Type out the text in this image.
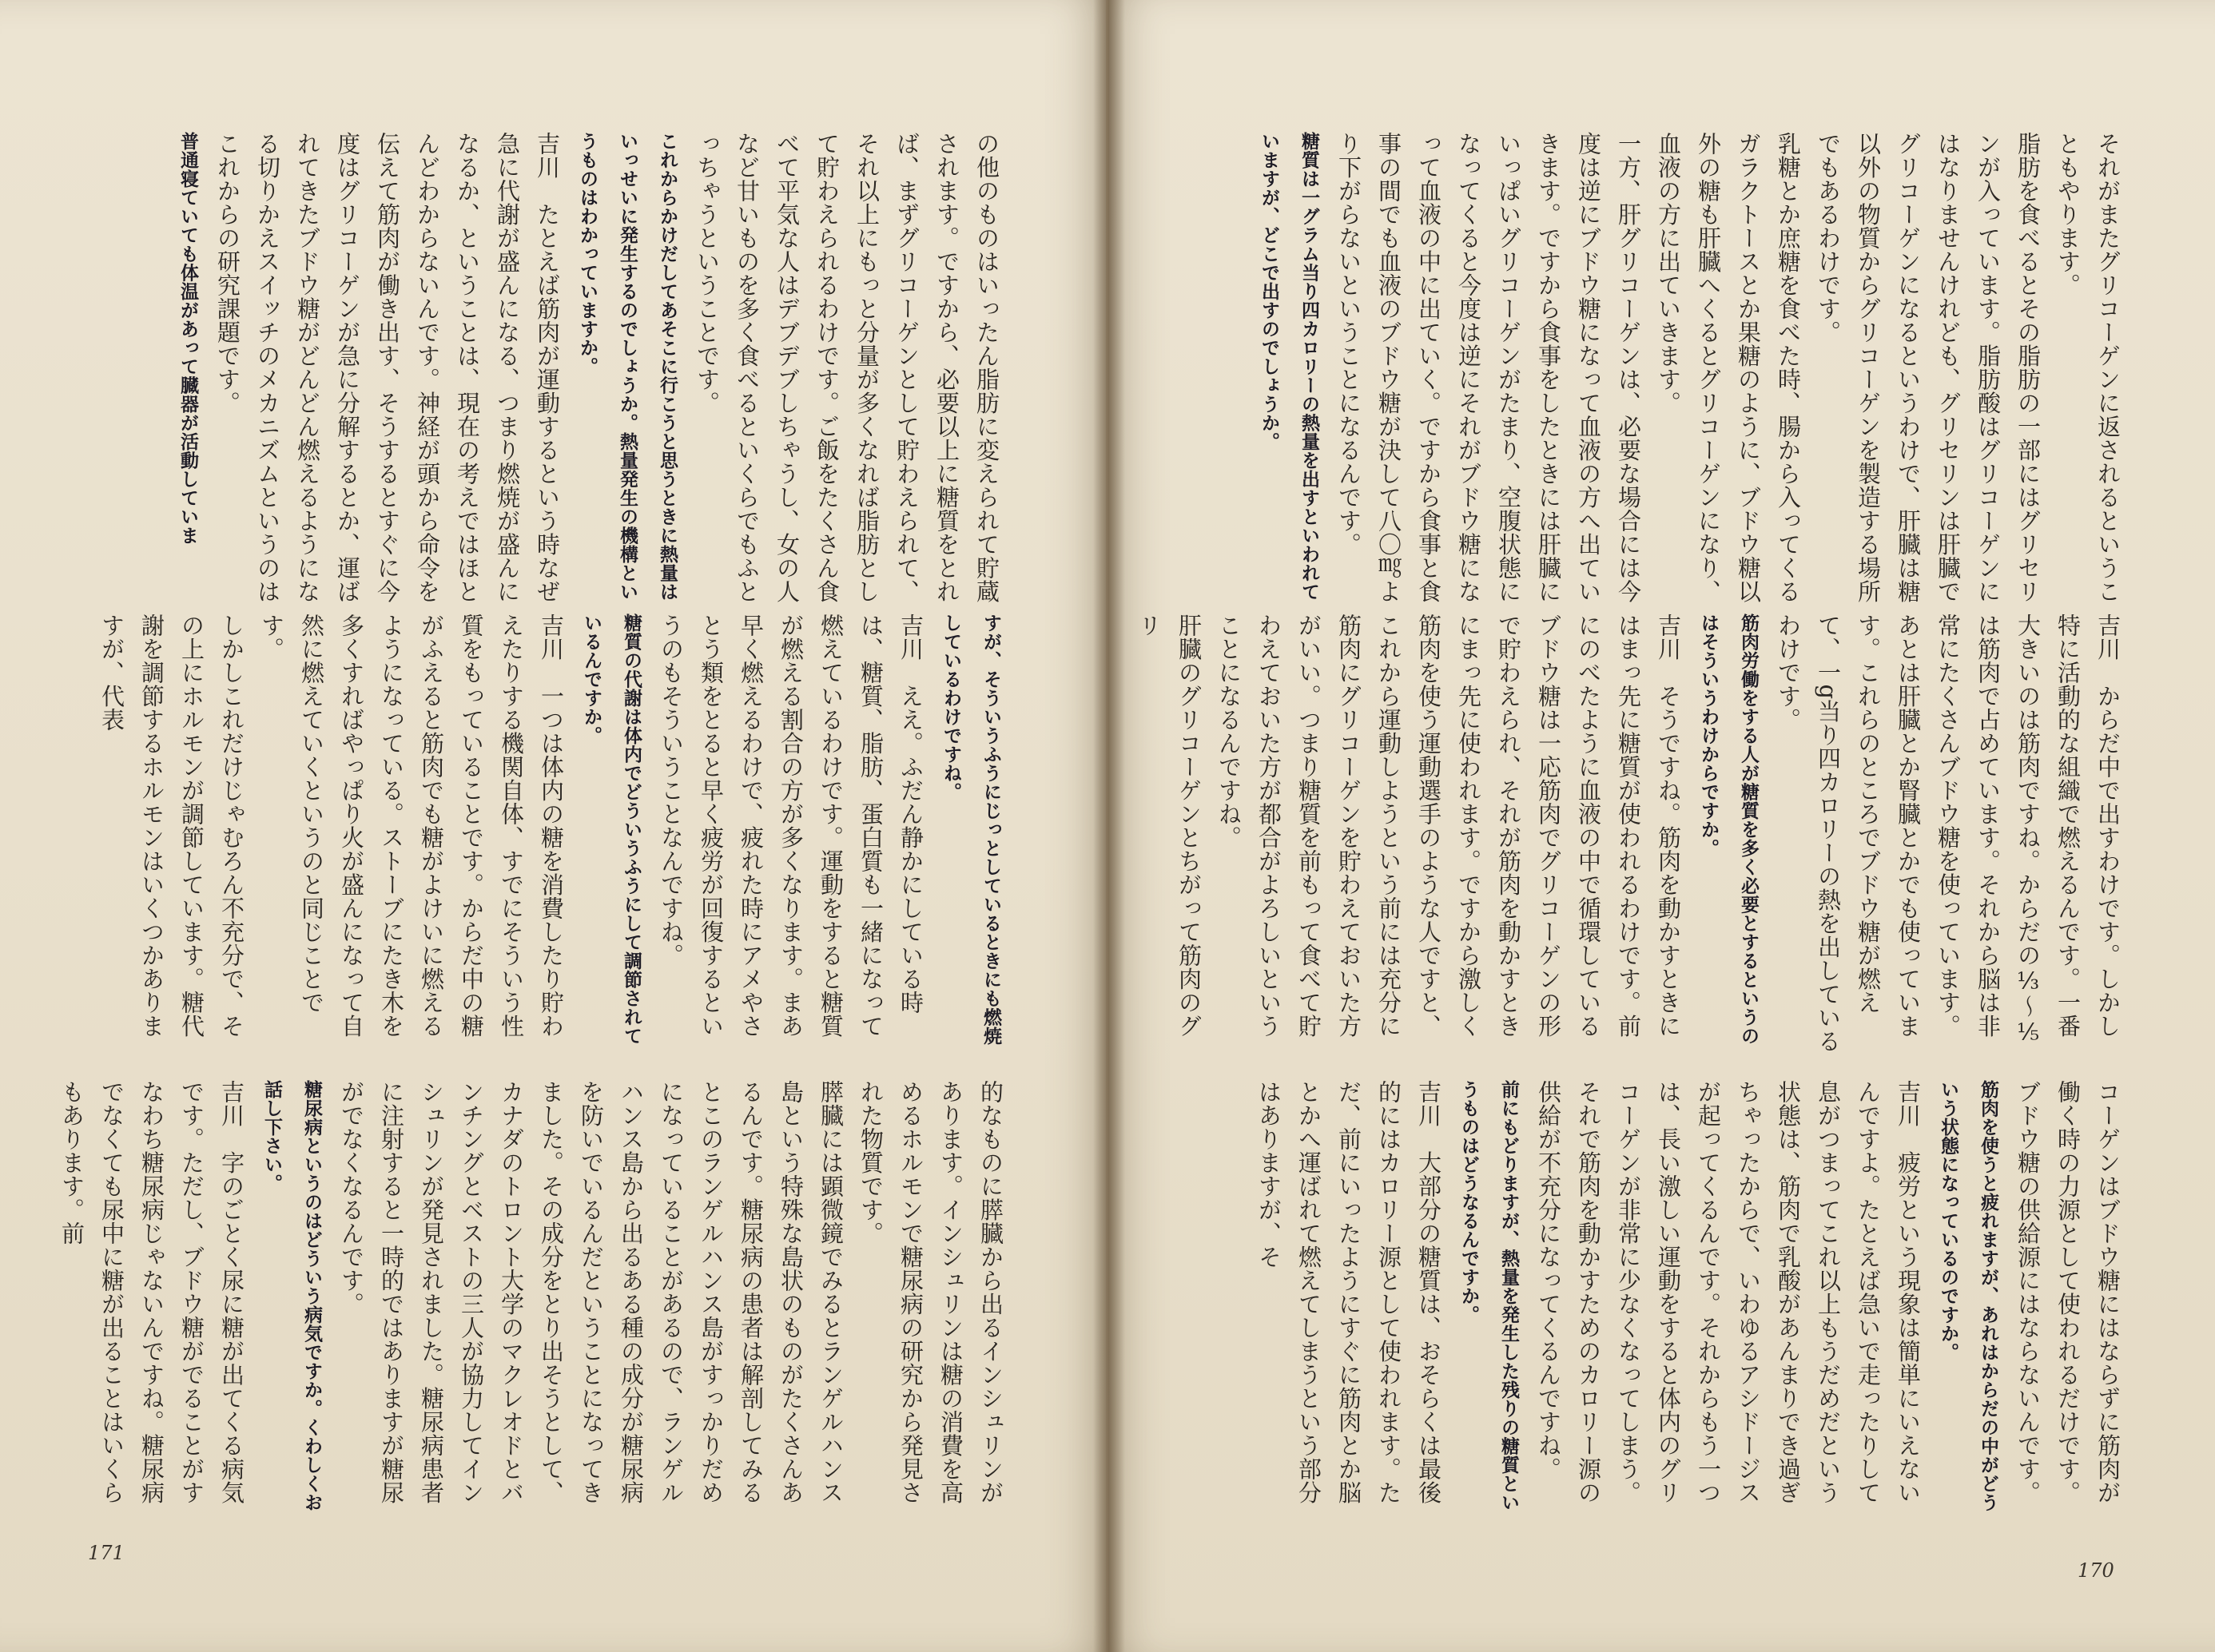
の他のものはいったん脂肪に変えられて貯蔵されます。ですから、必要以上に糖質をとれば、まずグリコーゲンとして貯わえられて、それ以上にもっと分量が多くなれば脂肪として貯わえられるわけです。ご飯をたくさん食べて平気な人はデブデブしちゃうし、女の人など甘いものを多く食べるといくらでもふとっちゃうということです。

これからかけだしてあそこに行こうと思うときに熱量はいっせいに発生するのでしょうか。熱量発生の機構というものはわかっていますか。

吉川　たとえば筋肉が運動するという時なぜ急に代謝が盛んになる、つまり燃焼が盛んになるか、ということは、現在の考えではほとんどわからないんです。神経が頭から命令を伝えて筋肉が働き出す、そうするとすぐに今度はグリコーゲンが急に分解するとか、運ばれてきたブドウ糖がどんどん燃えるようになる切りかえスイッチのメカニズムというのはこれからの研究課題です。

普通寝ていても体温があって臓器が活動していま

すが、そういうふうにじっとしているときにも燃焼しているわけですね。

吉川　ええ。ふだん静かにしている時は、糖質、脂肪、蛋白質も一緒になって燃えているわけです。運動をすると糖質が燃える割合の方が多くなります。まあ早く燃えるわけで、疲れた時にアメやさとう類をとると早く疲労が回復するというのもそういうことなんですね。

糖質の代謝は体内でどういうふうにして調節されているんですか。

吉川　一つは体内の糖を消費したり貯わえたりする機関自体、すでにそういう性質をもっていることです。からだ中の糖がふえると筋肉でも糖がよけいに燃えるようになっている。ストーブにたき木を多くすればやっぱり火が盛んになって自然に燃えていくというのと同じことです。

しかしこれだけじゃむろん不充分で、その上にホルモンが調節しています。糖代謝を調節するホルモンはいくつかありますが、代表

的なものに膵臓から出るインシュリンがあります。インシュリンは糖の消費を高めるホルモンで糖尿病の研究から発見された物質です。

膵臓には顕微鏡でみるとランゲルハンス島という特殊な島状のものがたくさんあるんです。糖尿病の患者は解剖してみるとこのランゲルハンス島がすっかりだめになっていることがあるので、ランゲルハンス島から出るある種の成分が糖尿病を防いでいるんだということになってきました。その成分をとり出そうとして、カナダのトロント大学のマクレオドとバンチングとベストの三人が協力してインシュリンが発見されました。糖尿病患者に注射すると一時的ではありますが糖尿がでなくなるんです。

糖尿病というのはどういう病気ですか。くわしくお話し下さい。

吉川　字のごとく尿に糖が出てくる病気です。ただし、ブドウ糖がでることがすなわち糖尿病じゃないんですね。糖尿病でなくても尿中に糖が出ることはいくらもあります。前

171

それがまたグリコーゲンに返されるということもやります。

脂肪を食べるとその脂肪の一部にはグリセリンが入っています。脂肪酸はグリコーゲンにはなりませんけれども、グリセリンは肝臓でグリコーゲンになるというわけで、肝臓は糖以外の物質からグリコーゲンを製造する場所でもあるわけです。

乳糖とか庶糖を食べた時、腸から入ってくるガラクトースとか果糖のように、ブドウ糖以外の糖も肝臓へくるとグリコーゲンになり、血液の方に出ていきます。

一方、肝グリコーゲンは、必要な場合には今度は逆にブドウ糖になって血液の方へ出ていきます。ですから食事をしたときには肝臓にいっぱいグリコーゲンがたまり、空腹状態になってくると今度は逆にそれがブドウ糖になって血液の中に出ていく。ですから食事と食事の間でも血液のブドウ糖が決して八〇㎎より下がらないということになるんです。

糖質は一グラム当り四カロリーの熱量を出すといわれていますが、どこで出すのでしょうか。

吉川　からだ中で出すわけです。しかし特に活動的な組織で燃えるんです。一番大きいのは筋肉ですね。からだの⅓〜⅕は筋肉で占めています。それから脳は非常にたくさんブドウ糖を使っています。あとは肝臓とか腎臓とかでも使っています。これらのところでブドウ糖が燃えて、一g当り四カロリーの熱を出しているわけです。

筋肉労働をする人が糖質を多く必要とするというのはそういうわけからですか。

吉川　そうですね。筋肉を動かすときにはまっ先に糖質が使われるわけです。前にのべたように血液の中で循環しているブドウ糖は一応筋肉でグリコーゲンの形で貯わえられ、それが筋肉を動かすときにまっ先に使われます。ですから激しく筋肉を使う運動選手のような人ですと、これから運動しようという前には充分に筋肉にグリコーゲンを貯わえておいた方がいい。つまり糖質を前もって食べて貯わえておいた方が都合がよろしいということになるんですね。

肝臓のグリコーゲンとちがって筋肉のグリ

コーゲンはブドウ糖にはならずに筋肉が働く時の力源として使われるだけです。ブドウ糖の供給源にはならないんです。

筋肉を使うと疲れますが、あれはからだの中がどういう状態になっているのですか。

吉川　疲労という現象は簡単にいえないんですよ。たとえば急いで走ったりして息がつまってこれ以上もうだめだという状態は、筋肉で乳酸があんまりでき過ぎちゃったからで、いわゆるアシドージスが起ってくるんです。それからもう一つは、長い激しい運動をすると体内のグリコーゲンが非常に少なくなってしまう。それで筋肉を動かすためのカロリー源の供給が不充分になってくるんですね。

前にもどりますが、熱量を発生した残りの糖質というものはどうなるんですか。

吉川　大部分の糖質は、おそらくは最後的にはカロリー源として使われます。ただ、前にいったようにすぐに筋肉とか脳とかへ運ばれて燃えてしまうという部分はありますが、そ

170
